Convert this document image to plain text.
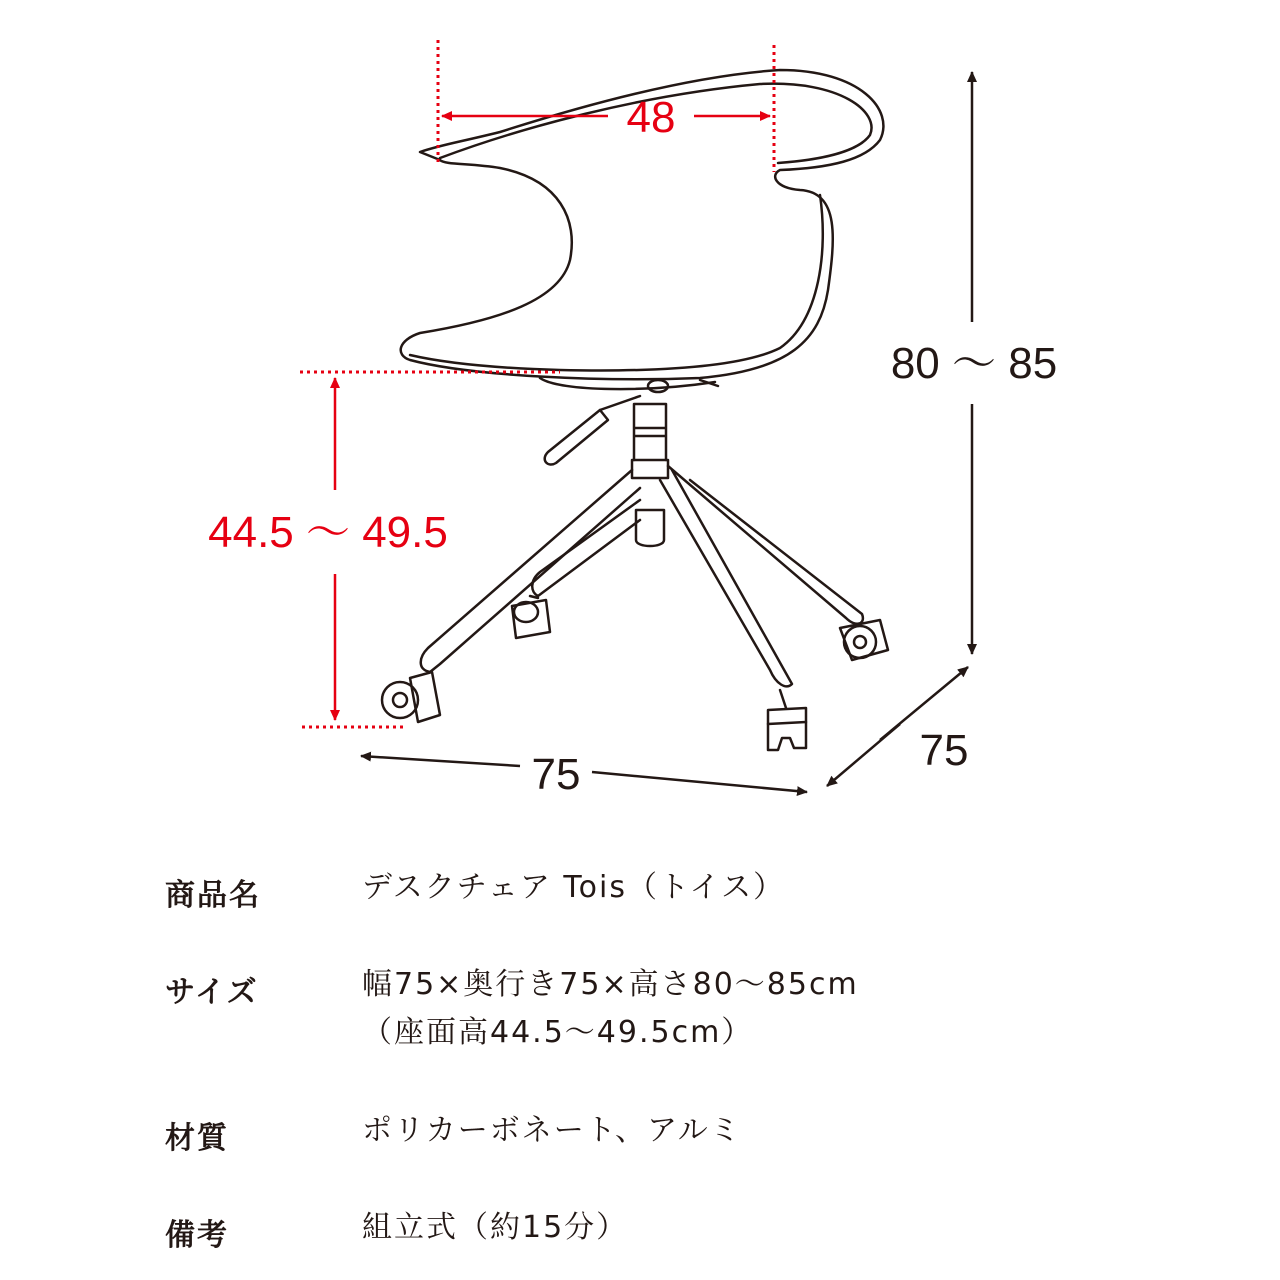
48
44.5 ～ 49.5
80 ～ 85
75	75
商品名	デスクチェア Tois（トイス）
サイズ	幅75×奥行き75×高さ80〜85cm
（座面高44.5〜49.5cm）
材質	ポリカーボネート、アルミ
備考	組立式（約15分）
